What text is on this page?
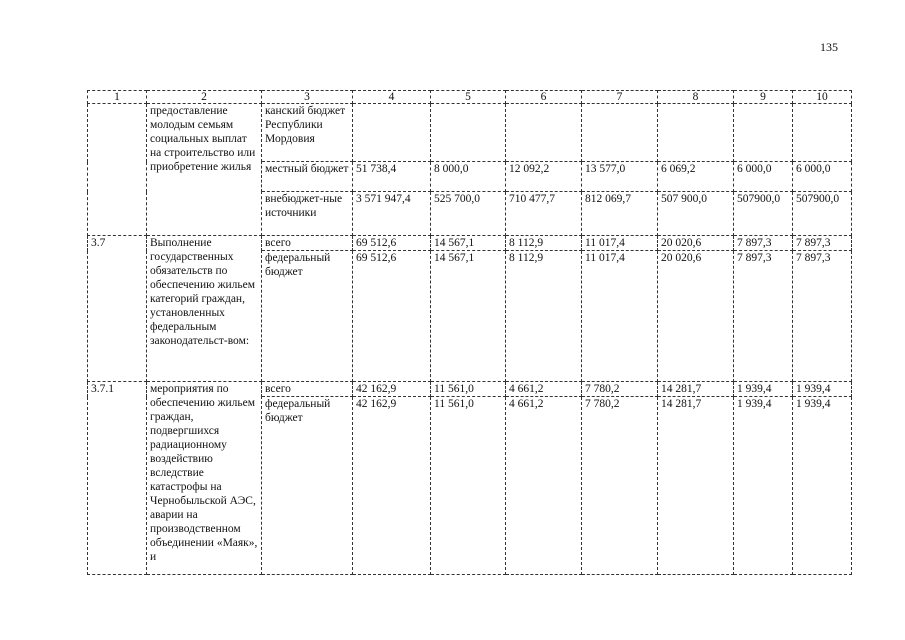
135
1	2	3	4	5	6	7	8	9	10
	предоставление молодым семьям социальных выплат на строительство или приобретение жилья	канский бюджет Республики Мордовия							
		местный бюджет	51 738,4	8 000,0	12 092,2	13 577,0	6 069,2	6 000,0	6 000,0
		внебюджет-ные источники	3 571 947,4	525 700,0	710 477,7	812 069,7	507 900,0	507900,0	507900,0
3.7	Выполнение государственных обязательств по обеспечению жильем категорий граждан, установленных федеральным законодательст-вом:	всего	69 512,6	14 567,1	8 112,9	11 017,4	20 020,6	7 897,3	7 897,3
		федеральный бюджет	69 512,6	14 567,1	8 112,9	11 017,4	20 020,6	7 897,3	7 897,3
3.7.1	мероприятия по обеспечению жильем граждан, подвергшихся радиационному воздействию вследствие катастрофы на Чернобыльской АЭС, аварии на производственном объединении «Маяк», и	всего	42 162,9	11 561,0	4 661,2	7 780,2	14 281,7	1 939,4	1 939,4
		федеральный бюджет	42 162,9	11 561,0	4 661,2	7 780,2	14 281,7	1 939,4	1 939,4
